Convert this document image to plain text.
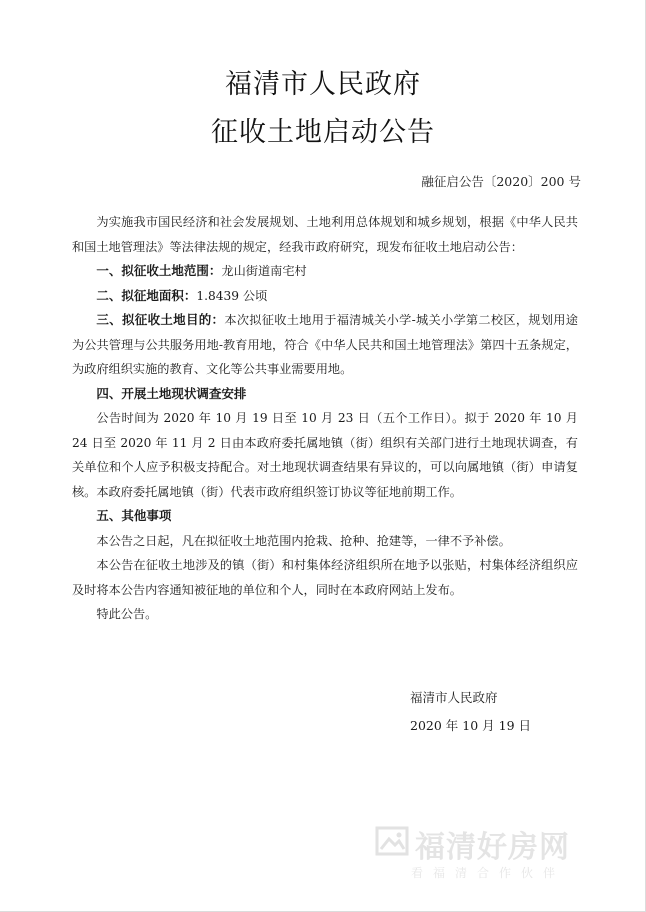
福清市人民政府
征收土地启动公告
融征启公告〔2020〕200 号

为实施我市国民经济和社会发展规划、土地利用总体规划和城乡规划，根据《中华人民共和国土地管理法》等法律法规的规定，经我市政府研究，现发布征收土地启动公告：

一、拟征收土地范围：龙山街道南宅村

二、拟征地面积：1.8439 公顷

三、拟征收土地目的：本次拟征收土地用于福清城关小学-城关小学第二校区，规划用途为公共管理与公共服务用地-教育用地，符合《中华人民共和国土地管理法》第四十五条规定，为政府组织实施的教育、文化等公共事业需要用地。

四、开展土地现状调查安排

公告时间为 2020 年 10 月 19 日至 10 月 23 日（五个工作日）。拟于 2020 年 10 月 24 日至 2020 年 11 月 2 日由本政府委托属地镇（街）组织有关部门进行土地现状调查，有关单位和个人应予积极支持配合。对土地现状调查结果有异议的，可以向属地镇（街）申请复核。本政府委托属地镇（街）代表市政府组织签订协议等征地前期工作。

五、其他事项

本公告之日起，凡在拟征收土地范围内抢栽、抢种、抢建等，一律不予补偿。

本公告在征收土地涉及的镇（街）和村集体经济组织所在地予以张贴，村集体经济组织应及时将本公告内容通知被征地的单位和个人，同时在本政府网站上发布。

特此公告。

福清市人民政府
2020 年 10 月 19 日
福清好房网
看福清合作伙伴
